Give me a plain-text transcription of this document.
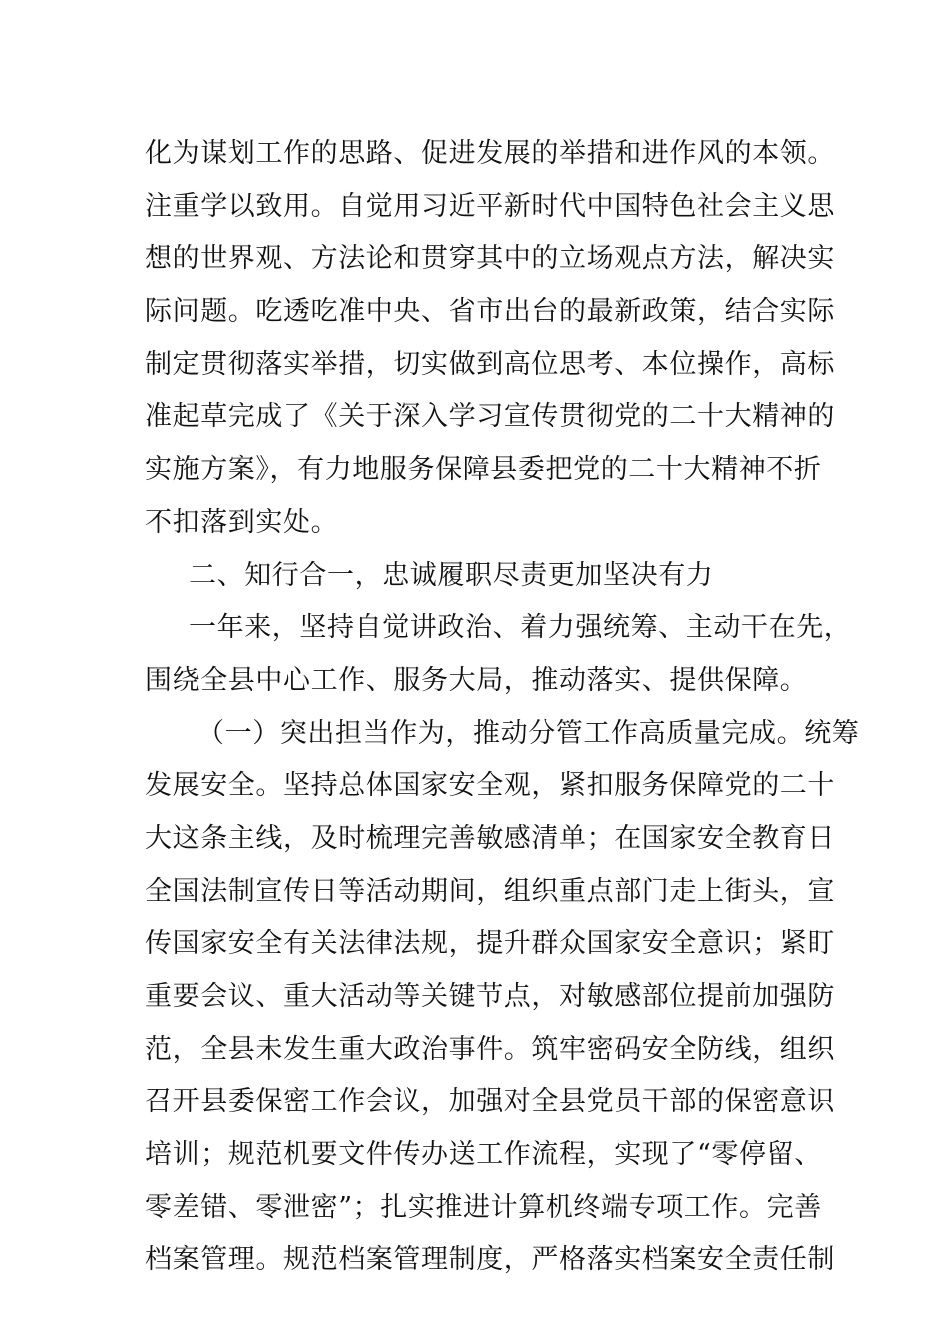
化为谋划工作的思路、促进发展的举措和进作风的本领。
注重学以致用。自觉用习近平新时代中国特色社会主义思
想的世界观、方法论和贯穿其中的立场观点方法，解决实
际问题。吃透吃准中央、省市出台的最新政策，结合实际
制定贯彻落实举措，切实做到高位思考、本位操作，高标
准起草完成了《关于深入学习宣传贯彻党的二十大精神的
实施方案》，有力地服务保障县委把党的二十大精神不折
不扣落到实处。
二、知行合一，忠诚履职尽责更加坚决有力
一年来，坚持自觉讲政治、着力强统筹、主动干在先，
围绕全县中心工作、服务大局，推动落实、提供保障。
（一）突出担当作为，推动分管工作高质量完成。统筹
发展安全。坚持总体国家安全观，紧扣服务保障党的二十
大这条主线，及时梳理完善敏感清单；在国家安全教育日
全国法制宣传日等活动期间，组织重点部门走上街头，宣
传国家安全有关法律法规，提升群众国家安全意识；紧盯
重要会议、重大活动等关键节点，对敏感部位提前加强防
范，全县未发生重大政治事件。筑牢密码安全防线，组织
召开县委保密工作会议，加强对全县党员干部的保密意识
培训；规范机要文件传办送工作流程，实现了“零停留、
零差错、零泄密”；扎实推进计算机终端专项工作。完善
档案管理。规范档案管理制度，严格落实档案安全责任制
